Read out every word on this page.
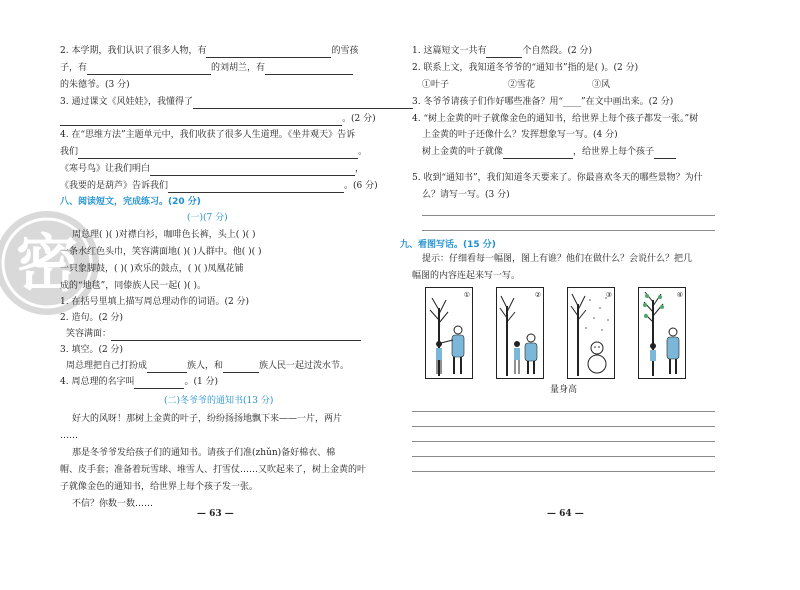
密
2. 本学期，我们认识了很多人物，有	的雪孩
子，有	的刘胡兰，有
的朱德爷。(3 分)
3. 通过课文《风娃娃》，我懂得了
。(2 分)
4. 在“思维方法”主题单元中，我们收获了很多人生道理。《坐井观天》告诉
我们	。
《寒号鸟》让我们明白	，
《我要的是葫芦》告诉我们	。(6 分)
八、阅读短文，完成练习。(20 分)
(一)(7 分)
周总理( )( )对襟白衫，咖啡色长裤，头上( )( )
一条水红色头巾，笑容满面地( )( )人群中。他( )( )
一只象脚鼓，( )( )欢乐的鼓点，( )( )凤凰花铺
成的“地毯”，同傣族人民一起( )( )。
1. 在括号里填上描写周总理动作的词语。(2 分)
2. 造句。(2 分)
笑容满面：
3. 填空。(2 分)
周总理把自己打扮成	族人，和	族人民一起过泼水节。
4. 周总理的名字叫	。(1 分)
(二)冬爷爷的通知书(13 分)
好大的风呀！那树上金黄的叶子，纷纷扬扬地飘下来——一片，两片
……
那是冬爷爷发给孩子们的通知书。请孩子们准(zhǔn)备好棉衣、棉
帽、皮手套；准备着玩雪球、堆雪人、打雪仗……又吹起来了，树上金黄的叶
子就像金色的通知书，给世界上每个孩子发一张。
不信？你数一数……
— 63 —
1. 这篇短文一共有	个自然段。(2 分)
2. 联系上文，我知道冬爷爷的“通知书”指的是( )。(2 分)
①叶子	②雪花	③风
3. 冬爷爷请孩子们作好哪些准备？用“____”在文中画出来。(2 分)
4. “树上金黄的叶子就像金色的通知书，给世界上每个孩子都发一张。”树
上金黄的叶子还像什么？发挥想象写一写。(4 分)
树上金黄的叶子就像	，给世界上每个孩子
5. 收到“通知书”，我们知道冬天要来了。你最喜欢冬天的哪些景物？为什
么？请写一写。(3 分)
九、看图写话。(15 分)
提示：仔细看每一幅图，图上有谁？他们在做什么？会说什么？把几
幅图的内容连起来写一写。
①	②	③	④
量身高
— 64 —
